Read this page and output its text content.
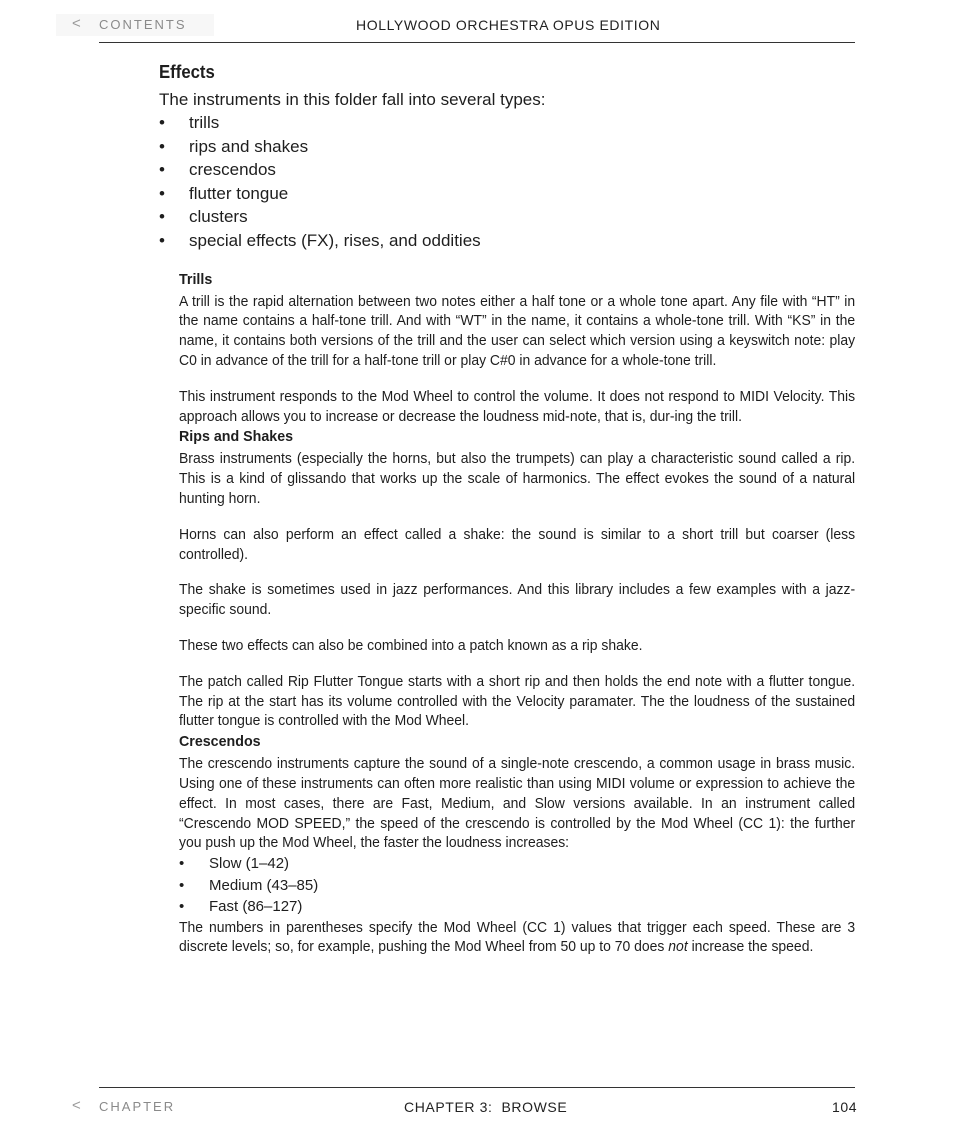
< CONTENTS	HOLLYWOOD ORCHESTRA OPUS EDITION
Effects

The instruments in this folder fall into several types:

• trills
• rips and shakes
• crescendos
• flutter tongue
• clusters
• special effects (FX), rises, and oddities
Trills

A trill is the rapid alternation between two notes either a half tone or a whole tone apart. Any file with “HT” in the name contains a half-tone trill. And with “WT” in the name, it contains a whole-tone trill. With “KS” in the name, it contains both versions of the trill and the user can select which version using a keyswitch note: play C0 in advance of the trill for a half-tone trill or play C#0 in advance for a whole-tone trill.

This instrument responds to the Mod Wheel to control the volume. It does not respond to MIDI Velocity. This approach allows you to increase or decrease the loudness mid-note, that is, dur-ing the trill.

Rips and Shakes

Brass instruments (especially the horns, but also the trumpets) can play a characteristic sound called a rip. This is a kind of glissando that works up the scale of harmonics. The effect evokes the sound of a natural hunting horn.

Horns can also perform an effect called a shake: the sound is similar to a short trill but coarser (less controlled).

The shake is sometimes used in jazz performances. And this library includes a few examples with a jazz-specific sound.

These two effects can also be combined into a patch known as a rip shake.

The patch called Rip Flutter Tongue starts with a short rip and then holds the end note with a flutter tongue. The rip at the start has its volume controlled with the Velocity paramater. The the loudness of the sustained flutter tongue is controlled with the Mod Wheel.

Crescendos

The crescendo instruments capture the sound of a single-note crescendo, a common usage in brass music. Using one of these instruments can often more realistic than using MIDI volume or expression to achieve the effect. In most cases, there are Fast, Medium, and Slow versions available. In an instrument called “Crescendo MOD SPEED,” the speed of the crescendo is controlled by the Mod Wheel (CC 1): the further you push up the Mod Wheel, the faster the loudness increases:

• Slow (1–42)
• Medium (43–85)
• Fast (86–127)

The numbers in parentheses specify the Mod Wheel (CC 1) values that trigger each speed. These are 3 discrete levels; so, for example, pushing the Mod Wheel from 50 up to 70 does not increase the speed.

< CHAPTER	CHAPTER 3:  BROWSE	104
